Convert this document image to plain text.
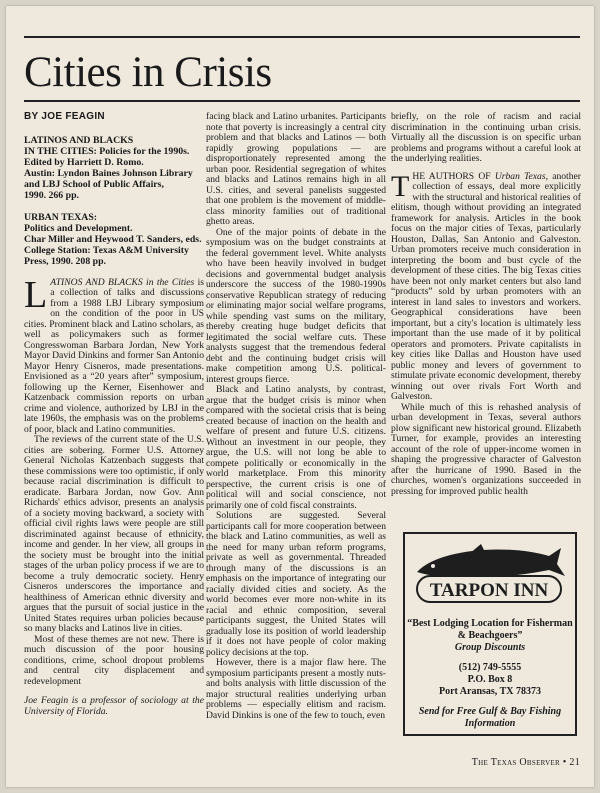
Cities in Crisis
BY JOE FEAGIN
LATINOS AND BLACKS
IN THE CITIES: Policies for the 1990s.
Edited by Harriett D. Romo.
Austin: Lyndon Baines Johnson Library
and LBJ School of Public Affairs,
1990. 266 pp.
URBAN TEXAS:
Politics and Development.
Char Miller and Heywood T. Sanders, eds.
College Station: Texas A&M University
Press, 1990. 208 pp.

LATINOS AND BLACKS in the Cities is a collection of talks and discussions from a 1988 LBJ Library symposium on the condition of the poor in US cities. Prominent black and Latino scholars, as well as policymakers such as former Congresswoman Barbara Jordan, New York Mayor David Dinkins and former San Antonio Mayor Henry Cisneros, made presentations. Envisioned as a “20 years after” symposium, following up the Kerner, Eisenhower and Katzenback commission reports on urban crime and violence, authorized by LBJ in the late 1960s, the emphasis was on the problems of poor, black and Latino communities.

The reviews of the current state of the U.S. cities are sobering. Former U.S. Attorney General Nicholas Katzenbach suggests that these commissions were too optimistic, if only because racial discrimination is difficult to eradicate. Barbara Jordan, now Gov. Ann Richards' ethics advisor, presents an analysis of a society moving backward, a society with official civil rights laws were people are still discriminated against because of ethnicity, income and gender. In her view, all groups in the society must be brought into the initial stages of the urban policy process if we are to become a truly democratic society. Henry Cisneros underscores the importance and healthiness of American ethnic diversity and argues that the pursuit of social justice in the United States requires urban policies because so many blacks and Latinos live in cities.

Most of these themes are not new. There is much discussion of the poor housing conditions, crime, school dropout problems and central city displacement and redevelopment

Joe Feagin is a professor of sociology at the University of Florida.

facing black and Latino urbanites. Participants note that poverty is increasingly a central city problem and that blacks and Latinos — both rapidly growing populations — are disproportionately represented among the urban poor. Residential segregation of whites and blacks and Latinos remains high in all U.S. cities, and several panelists suggested that one problem is the movement of middle-class minority families out of traditional ghetto areas.

One of the major points of debate in the symposium was on the budget constraints at the federal government level. White analysts who have been heavily involved in budget decisions and governmental budget analysis underscore the success of the 1980-1990s conservative Republican strategy of reducing or eliminating major social welfare programs, while spending vast sums on the military, thereby creating huge budget deficits that legitimated the social welfare cuts. These analysts suggest that the tremendous federal debt and the continuing budget crisis will make competition among U.S. political-interest groups fierce.

Black and Latino analysts, by contrast, argue that the budget crisis is minor when compared with the societal crisis that is being created because of inaction on the health and welfare of present and future U.S. citizens. Without an investment in our people, they argue, the U.S. will not long be able to compete politically or economically in the world marketplace. From this minority perspective, the current crisis is one of political will and social conscience, not primarily one of cold fiscal constraints.

Solutions are suggested. Several participants call for more cooperation between the black and Latino communities, as well as the need for many urban reform programs, private as well as governmental. Threaded through many of the discussions is an emphasis on the importance of integrating our racially divided cities and society. As the world becomes ever more non-white in its racial and ethnic composition, several participants suggest, the United States will gradually lose its position of world leadership if it does not have people of color making policy decisions at the top.

However, there is a major flaw here. The symposium participants present a mostly nuts-and bolts analysis with little discussion of the major structural realities underlying urban problems — especially elitism and racism. David Dinkins is one of the few to touch, even

briefly, on the role of racism and racial discrimination in the continuing urban crisis. Virtually all the discussion is on specific urban problems and programs without a careful look at the underlying realities.

THE AUTHORS OF Urban Texas, another collection of essays, deal more explicitly with the structural and historical realities of elitism, though without providing an integrated framework for analysis. Articles in the book focus on the major cities of Texas, particularly Houston, Dallas, San Antonio and Galveston. Urban promoters receive much consideration in interpreting the boom and bust cycle of the development of these cities. The big Texas cities have been not only market centers but also land “products” sold by urban promoters with an interest in land sales to investors and workers. Geographical considerations have been important, but a city's location is ultimately less important than the use made of it by political operators and promoters. Private capitalists in key cities like Dallas and Houston have used public money and levers of government to stimulate private economic development, thereby winning out over rivals Fort Worth and Galveston.

While much of this is rehashed analysis of urban development in Texas, several authors plow significant new historical ground. Elizabeth Turner, for example, provides an interesting account of the role of upper-income women in shaping the progressive character of Galveston after the hurricane of 1990. Based in the churches, women's organizations succeeded in pressing for improved public health

TARPON INN
“Best Lodging Location for Fisherman & Beachgoers”
Group Discounts
(512) 749-5555
P.O. Box 8
Port Aransas, TX 78373
Send for Free Gulf & Bay Fishing Information
The Texas Observer • 21
